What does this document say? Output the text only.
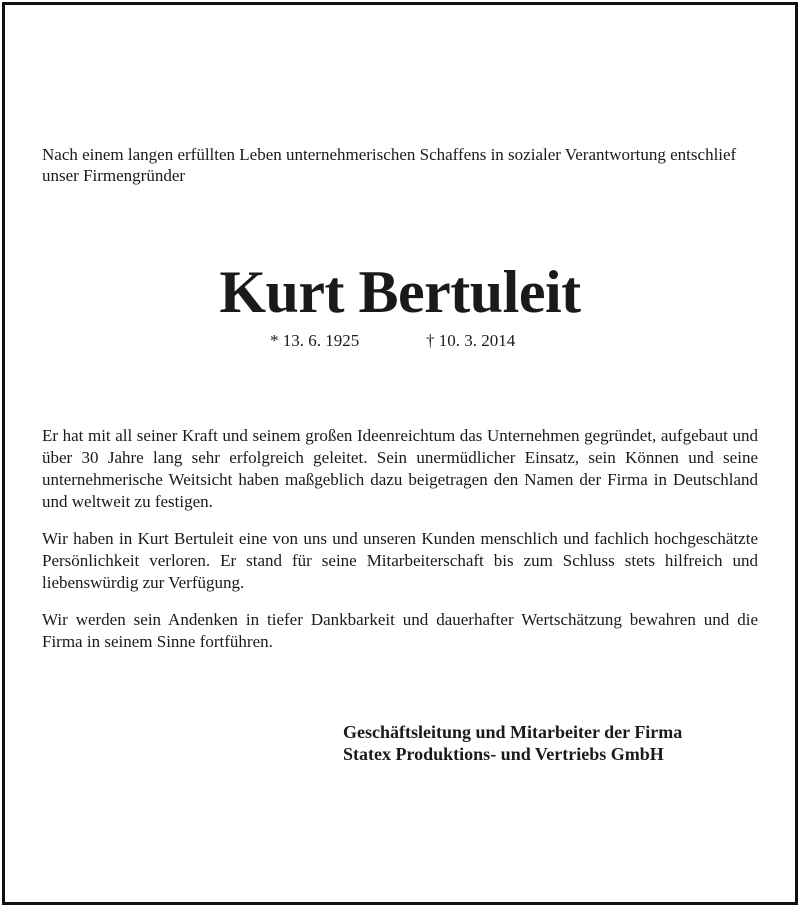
Nach einem langen erfüllten Leben unternehmerischen Schaffens in sozialer Verantwortung entschlief unser Firmengründer
Kurt Bertuleit
* 13. 6. 1925	† 10. 3. 2014
Er hat mit all seiner Kraft und seinem großen Ideenreichtum das Unternehmen gegründet, aufgebaut und über 30 Jahre lang sehr erfolgreich geleitet. Sein unermüdlicher Einsatz, sein Können und seine unternehmerische Weitsicht haben maßgeblich dazu beigetragen den Namen der Firma in Deutschland und weltweit zu festigen.
Wir haben in Kurt Bertuleit eine von uns und unseren Kunden menschlich und fachlich hochgeschätzte Persönlichkeit verloren. Er stand für seine Mitarbeiterschaft bis zum Schluss stets hilfreich und liebenswürdig zur Verfügung.
Wir werden sein Andenken in tiefer Dankbarkeit und dauerhafter Wertschätzung bewahren und die Firma in seinem Sinne fortführen.
Geschäftsleitung und Mitarbeiter der Firma
Statex Produktions- und Vertriebs GmbH
